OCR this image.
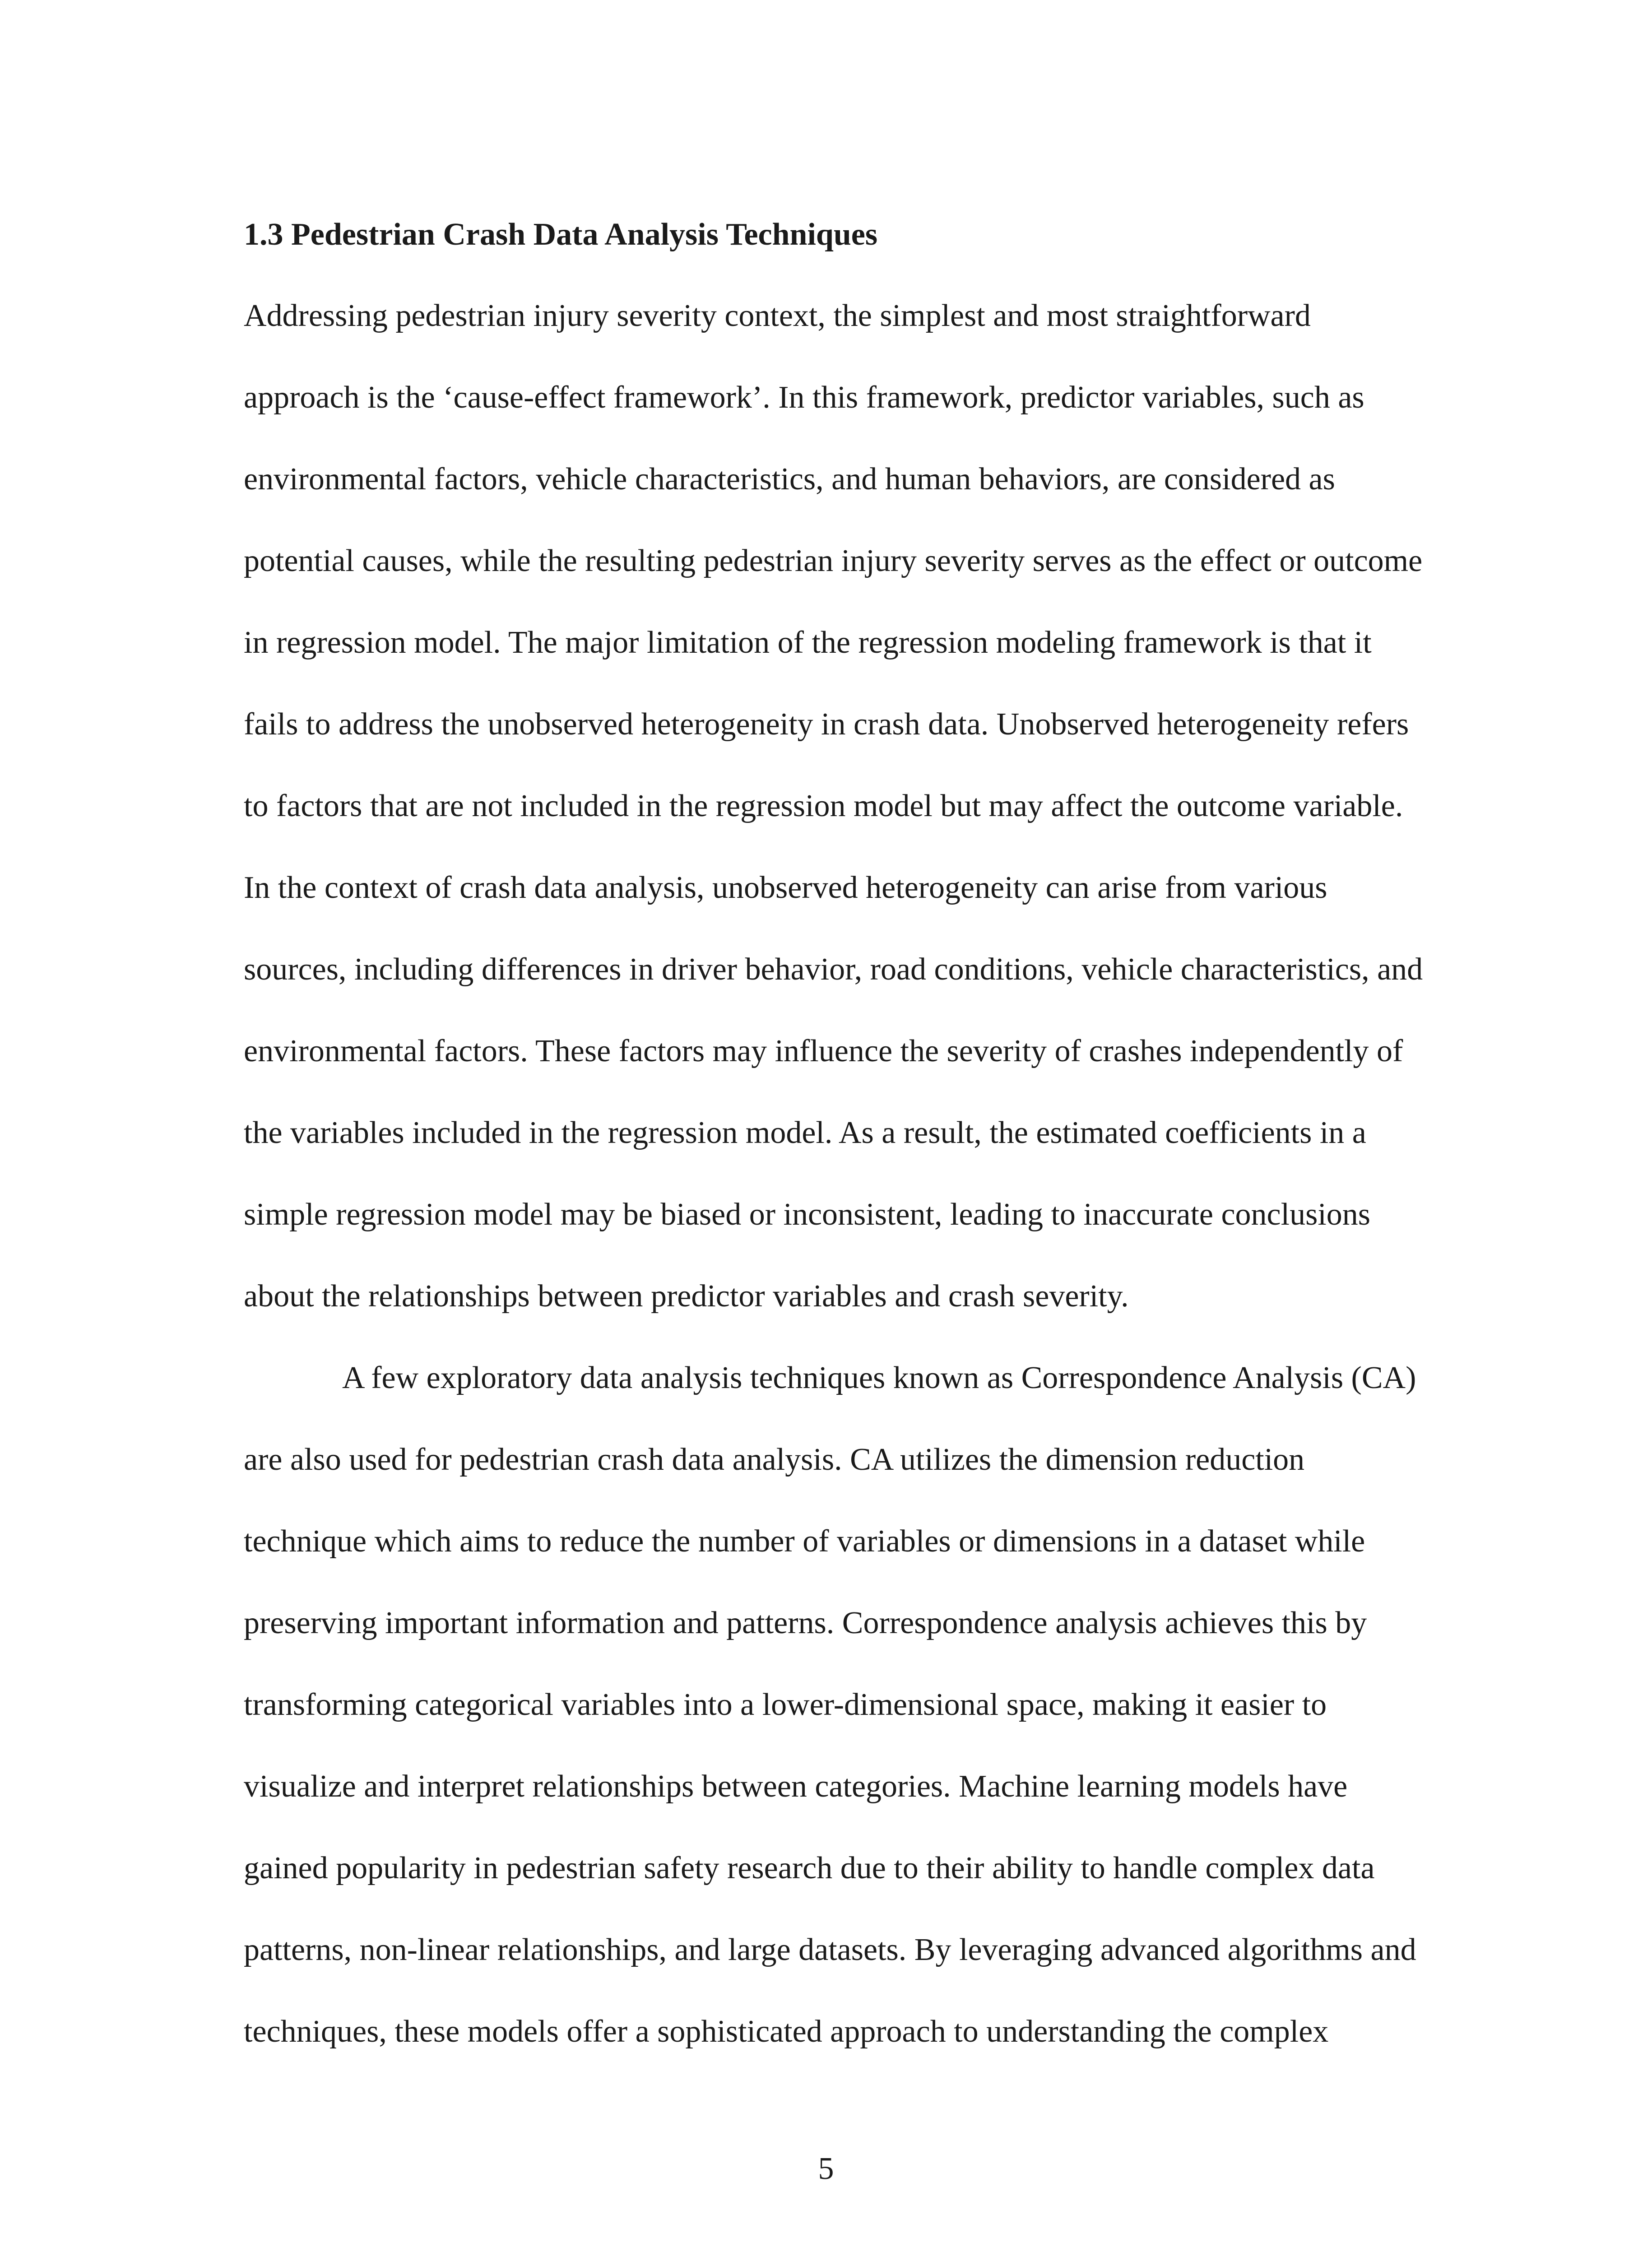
1.3 Pedestrian Crash Data Analysis Techniques

Addressing pedestrian injury severity context, the simplest and most straightforward

approach is the ‘cause-effect framework’. In this framework, predictor variables, such as

environmental factors, vehicle characteristics, and human behaviors, are considered as

potential causes, while the resulting pedestrian injury severity serves as the effect or outcome

in regression model. The major limitation of the regression modeling framework is that it

fails to address the unobserved heterogeneity in crash data. Unobserved heterogeneity refers

to factors that are not included in the regression model but may affect the outcome variable.

In the context of crash data analysis, unobserved heterogeneity can arise from various

sources, including differences in driver behavior, road conditions, vehicle characteristics, and

environmental factors. These factors may influence the severity of crashes independently of

the variables included in the regression model. As a result, the estimated coefficients in a

simple regression model may be biased or inconsistent, leading to inaccurate conclusions

about the relationships between predictor variables and crash severity.

A few exploratory data analysis techniques known as Correspondence Analysis (CA)

are also used for pedestrian crash data analysis. CA utilizes the dimension reduction

technique which aims to reduce the number of variables or dimensions in a dataset while

preserving important information and patterns. Correspondence analysis achieves this by

transforming categorical variables into a lower-dimensional space, making it easier to

visualize and interpret relationships between categories. Machine learning models have

gained popularity in pedestrian safety research due to their ability to handle complex data

patterns, non-linear relationships, and large datasets. By leveraging advanced algorithms and

techniques, these models offer a sophisticated approach to understanding the complex

5
